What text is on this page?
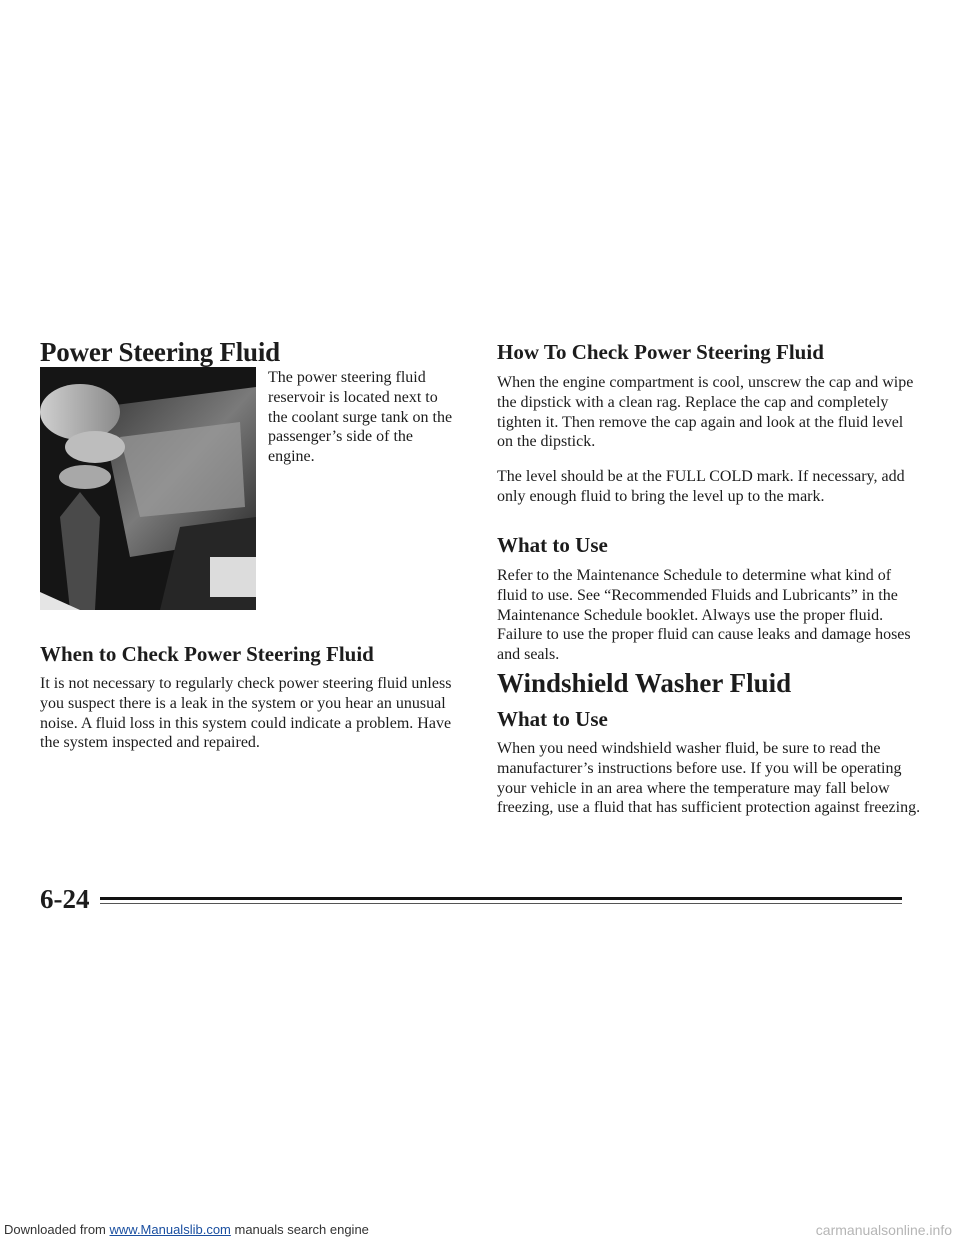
Power Steering Fluid

The power steering fluid reservoir is located next to the coolant surge tank on the passenger’s side of the engine.

When to Check Power Steering Fluid

It is not necessary to regularly check power steering fluid unless you suspect there is a leak in the system or you hear an unusual noise. A fluid loss in this system could indicate a problem. Have the system inspected and repaired.

How To Check Power Steering Fluid

When the engine compartment is cool, unscrew the cap and wipe the dipstick with a clean rag. Replace the cap and completely tighten it. Then remove the cap again and look at the fluid level on the dipstick.

The level should be at the FULL COLD mark. If necessary, add only enough fluid to bring the level up to the mark.

What to Use

Refer to the Maintenance Schedule to determine what kind of fluid to use. See “Recommended Fluids and Lubricants” in the Maintenance Schedule booklet. Always use the proper fluid. Failure to use the proper fluid can cause leaks and damage hoses and seals.

Windshield Washer Fluid
What to Use

When you need windshield washer fluid, be sure to read the manufacturer’s instructions before use. If you will be operating your vehicle in an area where the temperature may fall below freezing, use a fluid that has sufficient protection against freezing.

6-24
Downloaded from www.Manualslib.com manuals search engine	carmanualsonline.info
